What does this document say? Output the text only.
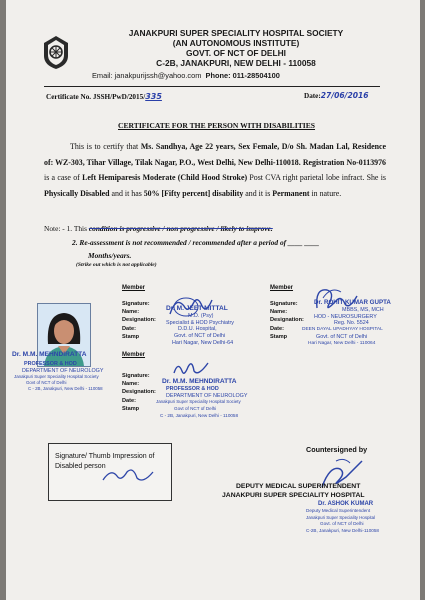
JANAKPURI SUPER SPECIALITY HOSPITAL SOCIETY
(AN AUTONOMOUS INSTITUTE)
GOVT. OF NCT OF DELHI
C-2B, JANAKPURI, NEW DELHI - 110058
Email: janakpurijssh@yahoo.com Phone: 011-28504100
Certificate No. JSSH/PwD/2015/335	Date:27/06/2016
CERTIFICATE FOR THE PERSON WITH DISABILITIES
This is to certify that Ms. Sandhya, Age 22 years, Sex Female, D/o Sh. Madan Lal, Residence of: WZ-303, Tihar Village, Tilak Nagar, P.O., West Delhi, New Delhi-110018. Registration No-0113976 is a case of Left Hemiparesis Moderate (Child Hood Stroke) Post CVA right parietal lobe infract. She is Physically Disabled and it has 50% [Fifty percent] disability and it is Permanent in nature.
Note: - 1. This condition is progressive / non progressive / likely to improve.
2. Re-assessment is not recommended / recommended after a period of ____ ____
Months/years.
(Strike out which is not applicable)
Dr. M.M. MEHNDIRATTA
PROFESSOR & HOD
DEPARTMENT OF NEUROLOGY
Janakpuri Super Speciality Hospital Society
Govt of NCT of Delhi
C - 2B, Janakpuri, New Delhi - 110058
Member
Signature:
Name:
Designation:
Date:
Stamp
Dr. M. JEET MITTAL
M.D. (Psy)
Specialist & HOD Psychiatry
D.D.U. Hospital,
Govt. of NCT of Delhi
Hari Nagar, New Delhi-64
Member
Signature:
Name:
Designation:
Date:
Stamp
Dr. ROHIT KUMAR GUPTA
MBBS, MS, MCH
HOD - NEUROSURGERY
Reg. No. 5524
DEEN DAYAL UPADHYAY HOSPITAL
Govt. of NCT of Delhi
Hari Nagar, New Delhi - 110064
Member
Signature:
Name:
Designation:
Date:
Stamp
Dr. M.M. MEHNDIRATTA
PROFESSOR & HOD
DEPARTMENT OF NEUROLOGY
Janakpuri Super Speciality Hospital Society
Govt of NCT of Delhi
C - 2B, Janakpuri, New Delhi - 110058
Signature/ Thumb Impression of Disabled person
Countersigned by
DEPUTY MEDICAL SUPERINTENDENT
JANAKPURI SUPER SPECIALITY HOSPITAL
Dr. ASHOK KUMAR
Deputy Medical Superintendent
Janakpuri Super Speciality Hospital
Govt. of NCT of Delhi
C-2B, Janakpuri, New Delhi-110058
